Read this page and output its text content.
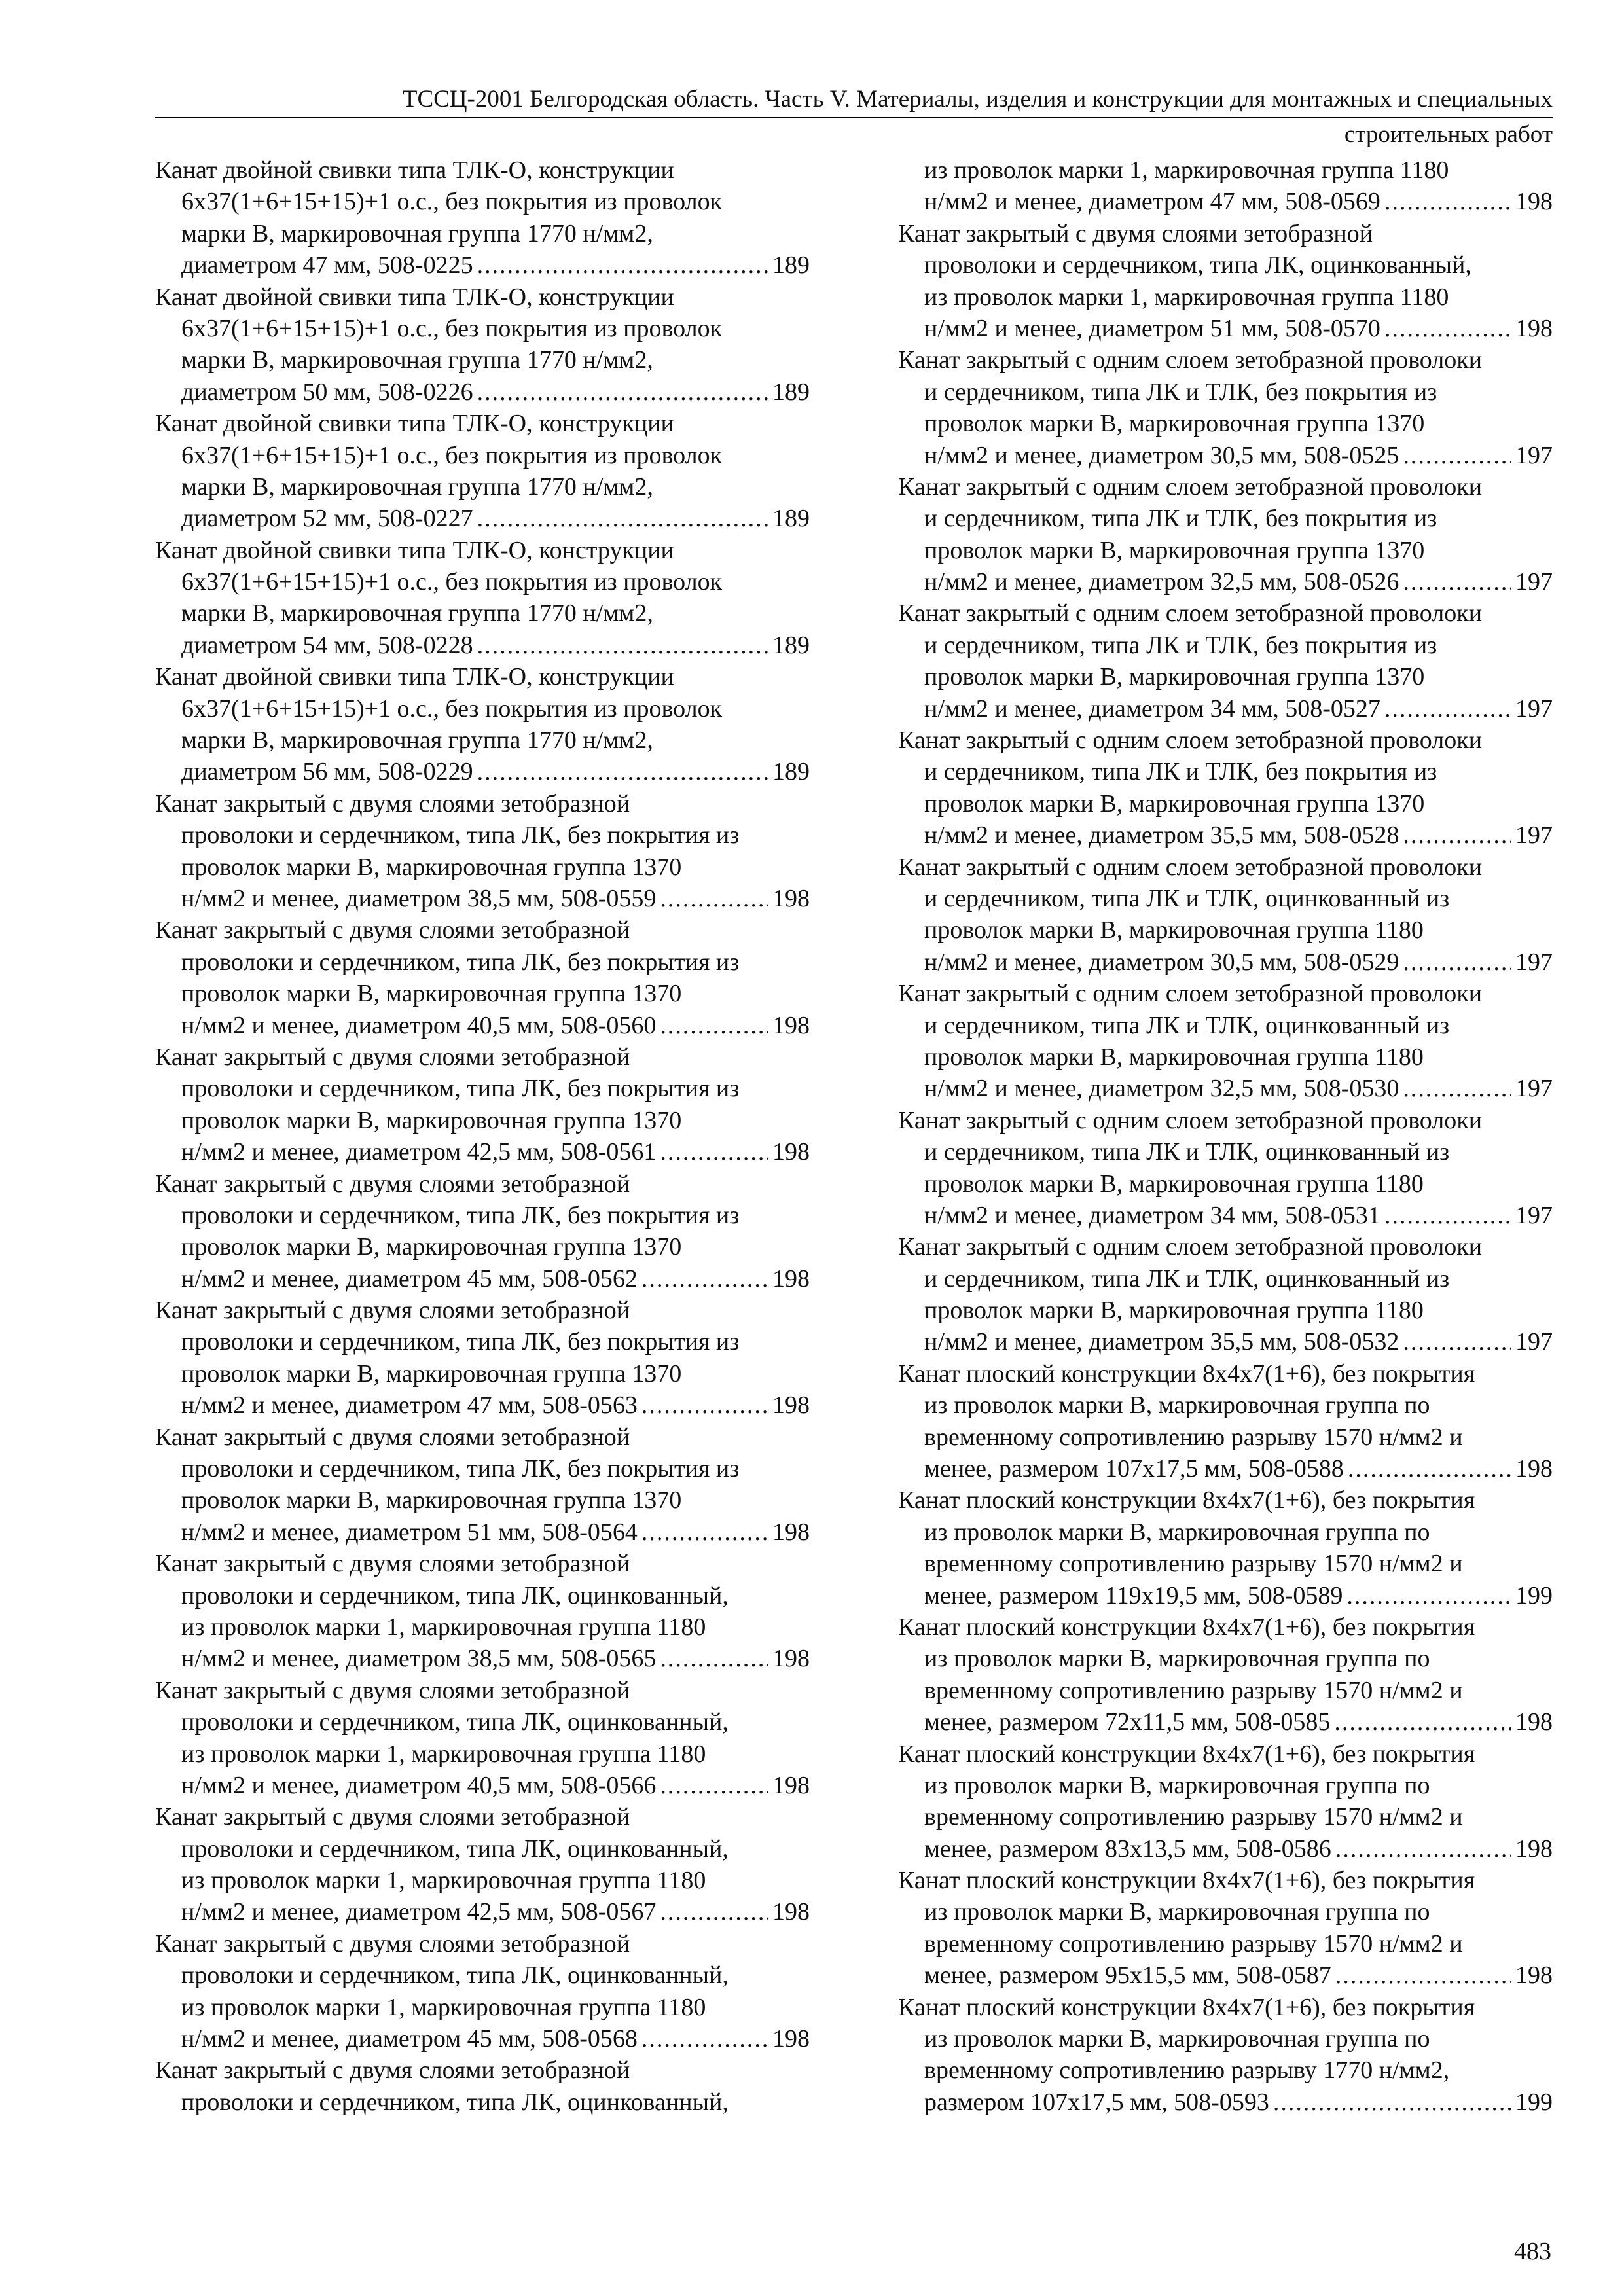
ТССЦ-2001 Белгородская область. Часть V. Материалы, изделия и конструкции для монтажных и специальных
строительных работ
Канат двойной свивки типа ТЛК-О, конструкции
6х37(1+6+15+15)+1 о.с., без покрытия из проволок
марки В, маркировочная группа 1770 н/мм2,
диаметром 47 мм, 508-0225 .....	189
Канат двойной свивки типа ТЛК-О, конструкции
6х37(1+6+15+15)+1 о.с., без покрытия из проволок
марки В, маркировочная группа 1770 н/мм2,
диаметром 50 мм, 508-0226 .....	189
Канат двойной свивки типа ТЛК-О, конструкции
6х37(1+6+15+15)+1 о.с., без покрытия из проволок
марки В, маркировочная группа 1770 н/мм2,
диаметром 52 мм, 508-0227 .....	189
Канат двойной свивки типа ТЛК-О, конструкции
6х37(1+6+15+15)+1 о.с., без покрытия из проволок
марки В, маркировочная группа 1770 н/мм2,
диаметром 54 мм, 508-0228 .....	189
Канат двойной свивки типа ТЛК-О, конструкции
6х37(1+6+15+15)+1 о.с., без покрытия из проволок
марки В, маркировочная группа 1770 н/мм2,
диаметром 56 мм, 508-0229 .....	189
Канат закрытый с двумя слоями зетобразной
проволоки и сердечником, типа ЛК, без покрытия из
проволок марки В, маркировочная группа 1370
н/мм2 и менее, диаметром 38,5 мм, 508-0559 .....	198
Канат закрытый с двумя слоями зетобразной
проволоки и сердечником, типа ЛК, без покрытия из
проволок марки В, маркировочная группа 1370
н/мм2 и менее, диаметром 40,5 мм, 508-0560 .....	198
Канат закрытый с двумя слоями зетобразной
проволоки и сердечником, типа ЛК, без покрытия из
проволок марки В, маркировочная группа 1370
н/мм2 и менее, диаметром 42,5 мм, 508-0561 .....	198
Канат закрытый с двумя слоями зетобразной
проволоки и сердечником, типа ЛК, без покрытия из
проволок марки В, маркировочная группа 1370
н/мм2 и менее, диаметром 45 мм, 508-0562 .....	198
Канат закрытый с двумя слоями зетобразной
проволоки и сердечником, типа ЛК, без покрытия из
проволок марки В, маркировочная группа 1370
н/мм2 и менее, диаметром 47 мм, 508-0563 .....	198
Канат закрытый с двумя слоями зетобразной
проволоки и сердечником, типа ЛК, без покрытия из
проволок марки В, маркировочная группа 1370
н/мм2 и менее, диаметром 51 мм, 508-0564 .....	198
Канат закрытый с двумя слоями зетобразной
проволоки и сердечником, типа ЛК, оцинкованный,
из проволок марки 1, маркировочная группа 1180
н/мм2 и менее, диаметром 38,5 мм, 508-0565 .....	198
Канат закрытый с двумя слоями зетобразной
проволоки и сердечником, типа ЛК, оцинкованный,
из проволок марки 1, маркировочная группа 1180
н/мм2 и менее, диаметром 40,5 мм, 508-0566 .....	198
Канат закрытый с двумя слоями зетобразной
проволоки и сердечником, типа ЛК, оцинкованный,
из проволок марки 1, маркировочная группа 1180
н/мм2 и менее, диаметром 42,5 мм, 508-0567 .....	198
Канат закрытый с двумя слоями зетобразной
проволоки и сердечником, типа ЛК, оцинкованный,
из проволок марки 1, маркировочная группа 1180
н/мм2 и менее, диаметром 45 мм, 508-0568 .....	198
Канат закрытый с двумя слоями зетобразной
проволоки и сердечником, типа ЛК, оцинкованный,
из проволок марки 1, маркировочная группа 1180
н/мм2 и менее, диаметром 47 мм, 508-0569 .....	198
Канат закрытый с двумя слоями зетобразной
проволоки и сердечником, типа ЛК, оцинкованный,
из проволок марки 1, маркировочная группа 1180
н/мм2 и менее, диаметром 51 мм, 508-0570 .....	198
Канат закрытый с одним слоем зетобразной проволоки
и сердечником, типа ЛК и ТЛК, без покрытия из
проволок марки В, маркировочная группа 1370
н/мм2 и менее, диаметром 30,5 мм, 508-0525 .....	197
Канат закрытый с одним слоем зетобразной проволоки
и сердечником, типа ЛК и ТЛК, без покрытия из
проволок марки В, маркировочная группа 1370
н/мм2 и менее, диаметром 32,5 мм, 508-0526 .....	197
Канат закрытый с одним слоем зетобразной проволоки
и сердечником, типа ЛК и ТЛК, без покрытия из
проволок марки В, маркировочная группа 1370
н/мм2 и менее, диаметром 34 мм, 508-0527 .....	197
Канат закрытый с одним слоем зетобразной проволоки
и сердечником, типа ЛК и ТЛК, без покрытия из
проволок марки В, маркировочная группа 1370
н/мм2 и менее, диаметром 35,5 мм, 508-0528 .....	197
Канат закрытый с одним слоем зетобразной проволоки
и сердечником, типа ЛК и ТЛК, оцинкованный из
проволок марки В, маркировочная группа 1180
н/мм2 и менее, диаметром 30,5 мм, 508-0529 .....	197
Канат закрытый с одним слоем зетобразной проволоки
и сердечником, типа ЛК и ТЛК, оцинкованный из
проволок марки В, маркировочная группа 1180
н/мм2 и менее, диаметром 32,5 мм, 508-0530 .....	197
Канат закрытый с одним слоем зетобразной проволоки
и сердечником, типа ЛК и ТЛК, оцинкованный из
проволок марки В, маркировочная группа 1180
н/мм2 и менее, диаметром 34 мм, 508-0531 .....	197
Канат закрытый с одним слоем зетобразной проволоки
и сердечником, типа ЛК и ТЛК, оцинкованный из
проволок марки В, маркировочная группа 1180
н/мм2 и менее, диаметром 35,5 мм, 508-0532 .....	197
Канат плоский конструкции 8х4х7(1+6), без покрытия
из проволок марки В, маркировочная группа по
временному сопротивлению разрыву 1570 н/мм2 и
менее, размером 107х17,5 мм, 508-0588 .....	198
Канат плоский конструкции 8х4х7(1+6), без покрытия
из проволок марки В, маркировочная группа по
временному сопротивлению разрыву 1570 н/мм2 и
менее, размером 119х19,5 мм, 508-0589 .....	199
Канат плоский конструкции 8х4х7(1+6), без покрытия
из проволок марки В, маркировочная группа по
временному сопротивлению разрыву 1570 н/мм2 и
менее, размером 72х11,5 мм, 508-0585 .....	198
Канат плоский конструкции 8х4х7(1+6), без покрытия
из проволок марки В, маркировочная группа по
временному сопротивлению разрыву 1570 н/мм2 и
менее, размером 83х13,5 мм, 508-0586 .....	198
Канат плоский конструкции 8х4х7(1+6), без покрытия
из проволок марки В, маркировочная группа по
временному сопротивлению разрыву 1570 н/мм2 и
менее, размером 95х15,5 мм, 508-0587 .....	198
Канат плоский конструкции 8х4х7(1+6), без покрытия
из проволок марки В, маркировочная группа по
временному сопротивлению разрыву 1770 н/мм2,
размером 107х17,5 мм, 508-0593 .....	199
483
